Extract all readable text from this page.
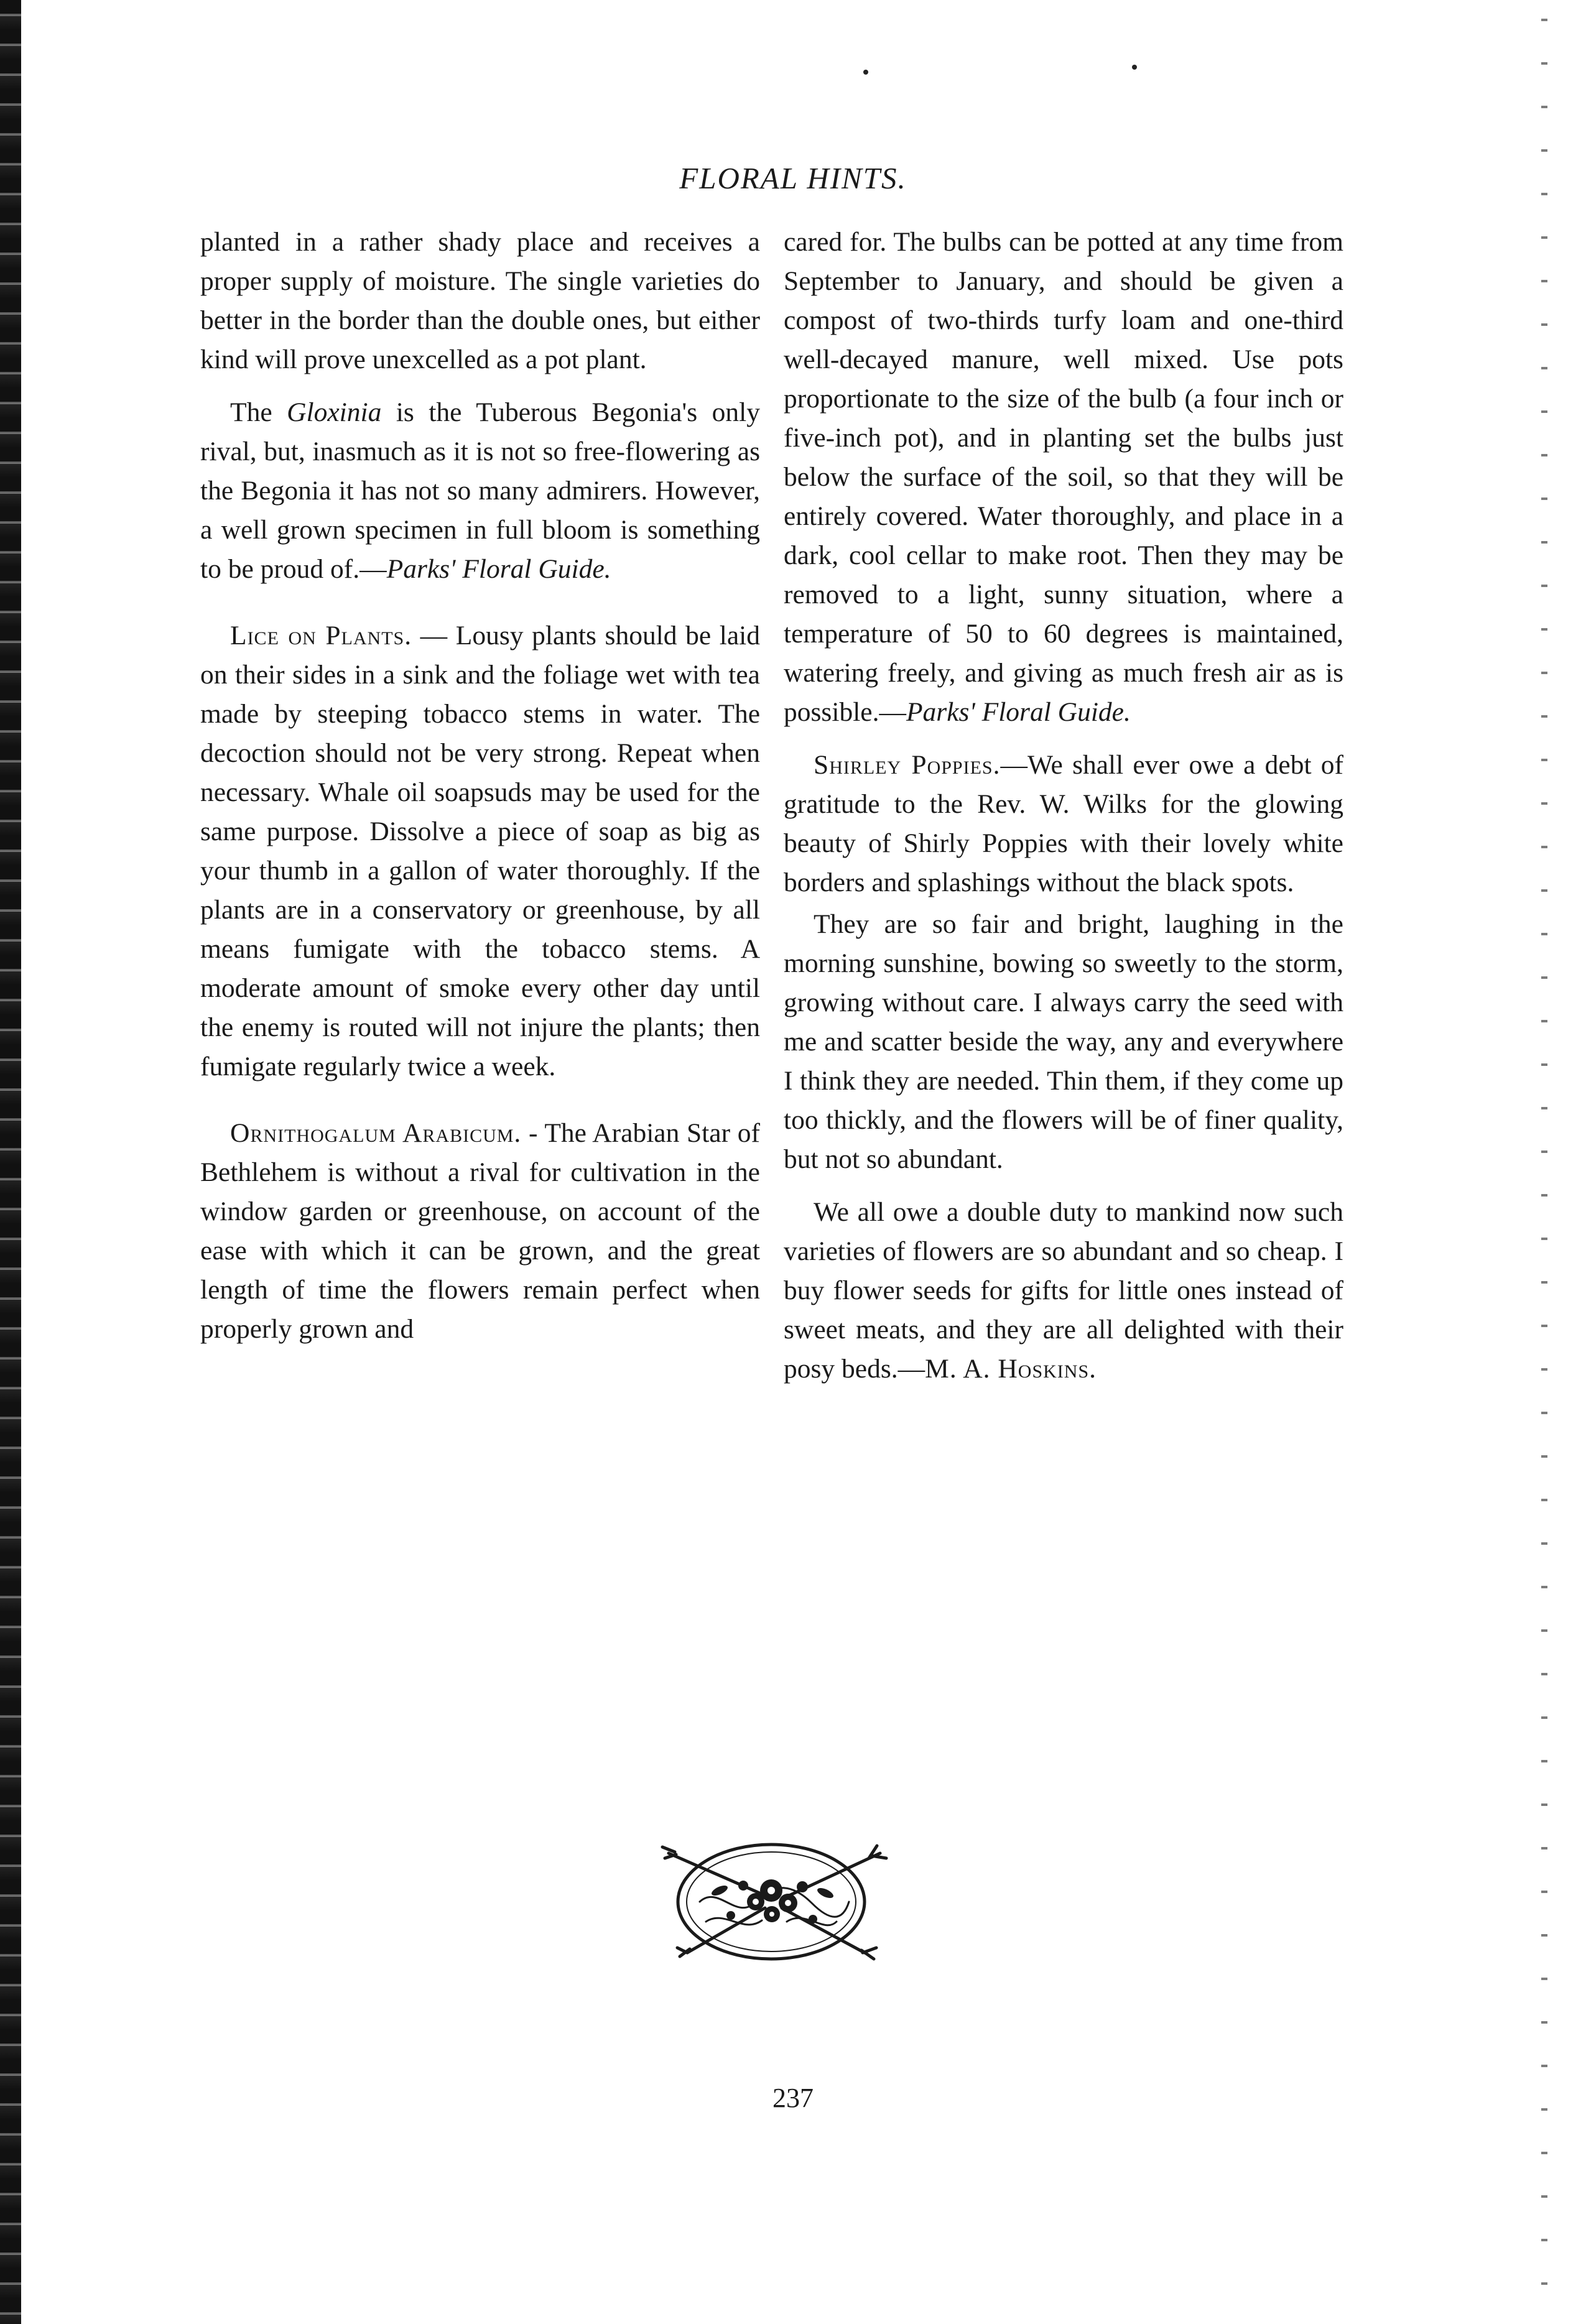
FLORAL HINTS.

planted in a rather shady place and receives a proper supply of moisture. The single varieties do better in the border than the double ones, but either kind will prove unexcelled as a pot plant.

The Gloxinia is the Tuberous Begonia's only rival, but, inasmuch as it is not so free-flowering as the Begonia it has not so many admirers. However, a well grown specimen in full bloom is something to be proud of.—Parks' Floral Guide.

Lice on Plants. — Lousy plants should be laid on their sides in a sink and the foliage wet with tea made by steeping tobacco stems in water. The decoction should not be very strong. Repeat when necessary. Whale oil soapsuds may be used for the same purpose. Dissolve a piece of soap as big as your thumb in a gallon of water thoroughly. If the plants are in a conservatory or greenhouse, by all means fumigate with the tobacco stems. A moderate amount of smoke every other day until the enemy is routed will not injure the plants; then fumigate regularly twice a week.

Ornithogalum Arabicum. - The Arabian Star of Bethlehem is without a rival for cultivation in the window garden or greenhouse, on account of the ease with which it can be grown, and the great length of time the flowers remain perfect when properly grown and

cared for. The bulbs can be potted at any time from September to January, and should be given a compost of two-thirds turfy loam and one-third well-decayed manure, well mixed. Use pots proportionate to the size of the bulb (a four inch or five-inch pot), and in planting set the bulbs just below the surface of the soil, so that they will be entirely covered. Water thoroughly, and place in a dark, cool cellar to make root. Then they may be removed to a light, sunny situation, where a temperature of 50 to 60 degrees is maintained, watering freely, and giving as much fresh air as is possible.—Parks' Floral Guide.

Shirley Poppies.—We shall ever owe a debt of gratitude to the Rev. W. Wilks for the glowing beauty of Shirly Poppies with their lovely white borders and splashings without the black spots.

They are so fair and bright, laughing in the morning sunshine, bowing so sweetly to the storm, growing without care. I always carry the seed with me and scatter beside the way, any and everywhere I think they are needed. Thin them, if they come up too thickly, and the flowers will be of finer quality, but not so abundant.

We all owe a double duty to mankind now such varieties of flowers are so abundant and so cheap. I buy flower seeds for gifts for little ones instead of sweet meats, and they are all delighted with their posy beds.—M. A. Hoskins.

237
